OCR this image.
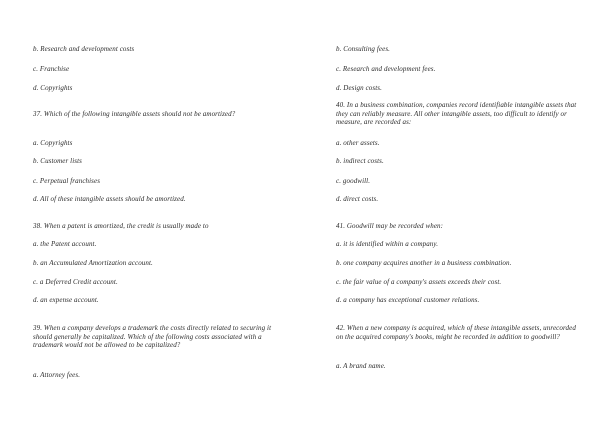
b. Research and development costs
c. Franchise
d. Copyrights
37. Which of the following intangible assets should not be amortized?
a. Copyrights
b. Customer lists
c. Perpetual franchises
d. All of these intangible assets should be amortized.
38. When a patent is amortized, the credit is usually made to
a. the Patent account.
b. an Accumulated Amortization account.
c. a Deferred Credit account.
d. an expense account.
39. When a company develops a trademark the costs directly related to securing it should generally be capitalized. Which of the following costs associated with a trademark would not be allowed to be capitalized?
a. Attorney fees.
b. Consulting fees.
c. Research and development fees.
d. Design costs.
40. In a business combination, companies record identifiable intangible assets that they can reliably measure. All other intangible assets, too difficult to identify or measure, are recorded as:
a. other assets.
b. indirect costs.
c. goodwill.
d. direct costs.
41. Goodwill may be recorded when:
a. it is identified within a company.
b. one company acquires another in a business combination.
c. the fair value of a company's assets exceeds their cost.
d. a company has exceptional customer relations.
42. When a new company is acquired, which of these intangible assets, unrecorded on the acquired company's books, might be recorded in addition to goodwill?
a. A brand name.
